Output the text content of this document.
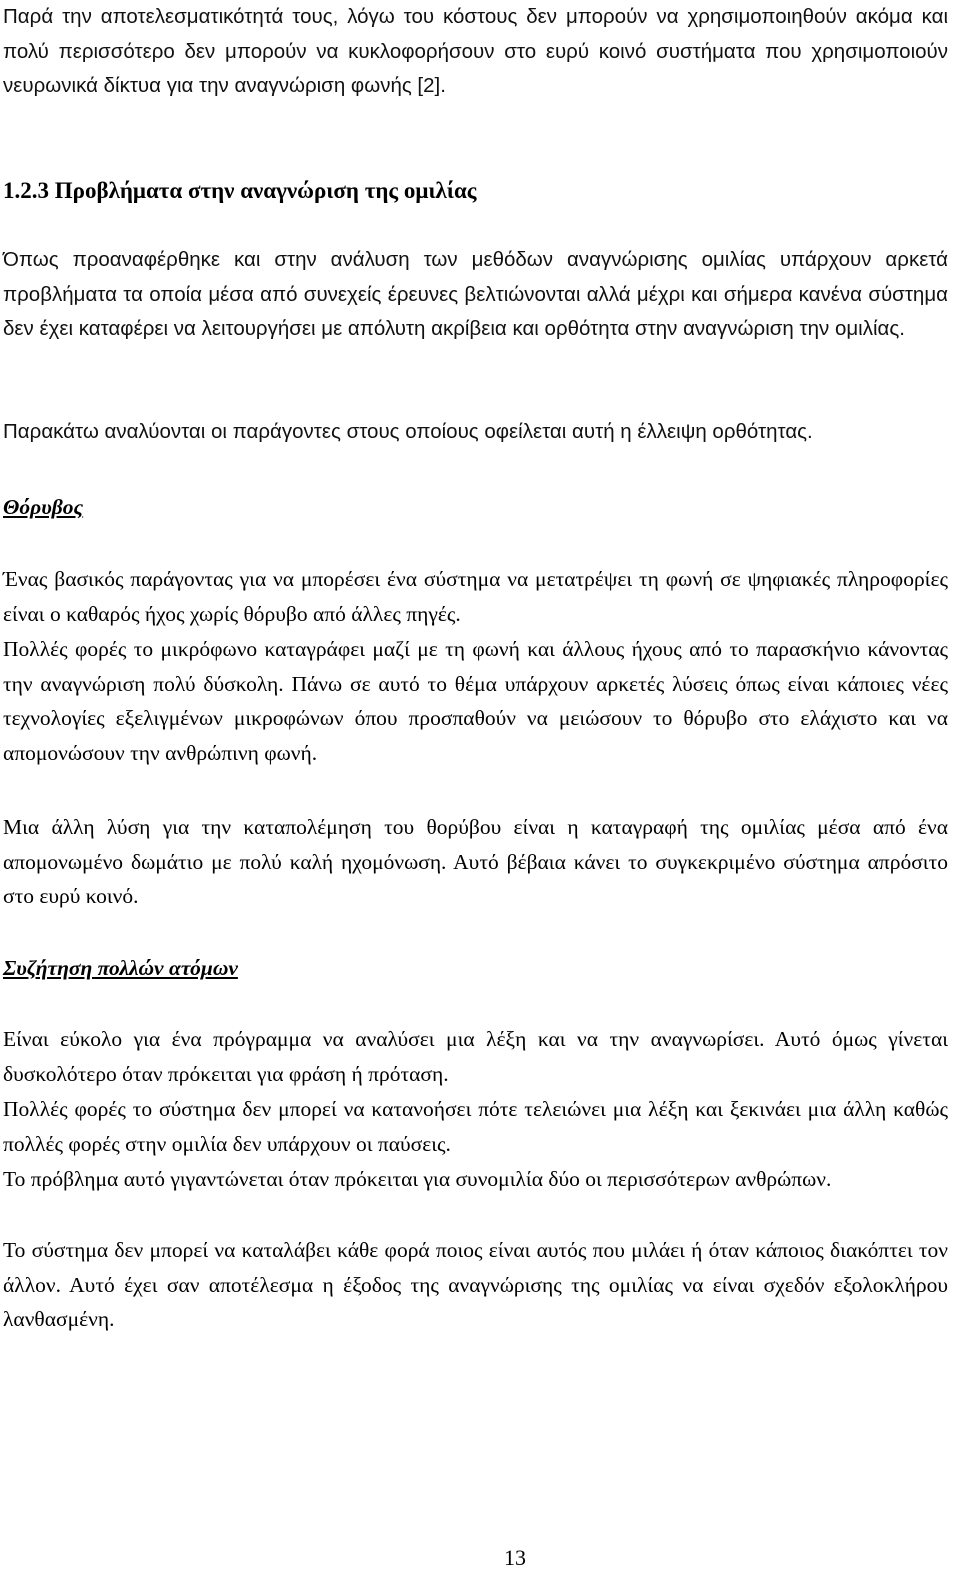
Παρά την αποτελεσματικότητά τους, λόγω του κόστους δεν μπορούν να χρησιμοποιηθούν ακόμα και πολύ περισσότερο δεν μπορούν να κυκλοφορήσουν στο ευρύ κοινό συστήματα που χρησιμοποιούν νευρωνικά δίκτυα για την αναγνώριση φωνής [2].

1.2.3 Προβλήματα στην αναγνώριση της ομιλίας

Όπως προαναφέρθηκε και στην ανάλυση των μεθόδων αναγνώρισης ομιλίας υπάρχουν αρκετά προβλήματα τα οποία μέσα από συνεχείς έρευνες βελτιώνονται αλλά μέχρι και σήμερα κανένα σύστημα δεν έχει καταφέρει να λειτουργήσει με απόλυτη ακρίβεια και ορθότητα στην αναγνώριση την ομιλίας.

Παρακάτω αναλύονται οι παράγοντες στους οποίους οφείλεται αυτή η έλλειψη ορθότητας.

Θόρυβος

Ένας βασικός παράγοντας για να μπορέσει ένα σύστημα να μετατρέψει τη φωνή σε ψηφιακές πληροφορίες είναι ο καθαρός ήχος χωρίς θόρυβο από άλλες πηγές.

Πολλές φορές το μικρόφωνο καταγράφει μαζί με τη φωνή και άλλους ήχους από το παρασκήνιο κάνοντας την αναγνώριση πολύ δύσκολη. Πάνω σε αυτό το θέμα υπάρχουν αρκετές λύσεις όπως είναι κάποιες νέες τεχνολογίες εξελιγμένων μικροφώνων όπου προσπαθούν να μειώσουν το θόρυβο στο ελάχιστο και να απομονώσουν την ανθρώπινη φωνή.

Μια άλλη λύση για την καταπολέμηση του θορύβου είναι η καταγραφή της ομιλίας μέσα από ένα απομονωμένο δωμάτιο με πολύ καλή ηχομόνωση. Αυτό βέβαια κάνει το συγκεκριμένο σύστημα απρόσιτο στο ευρύ κοινό.

Συζήτηση πολλών ατόμων

Είναι εύκολο για ένα πρόγραμμα να αναλύσει μια λέξη και να την αναγνωρίσει. Αυτό όμως γίνεται δυσκολότερο όταν πρόκειται για φράση ή πρόταση.

Πολλές φορές το σύστημα δεν μπορεί να κατανοήσει πότε τελειώνει μια λέξη και ξεκινάει μια άλλη καθώς πολλές φορές στην ομιλία δεν υπάρχουν οι παύσεις.

Το πρόβλημα αυτό γιγαντώνεται όταν πρόκειται για συνομιλία δύο οι περισσότερων ανθρώπων.

Το σύστημα δεν μπορεί να καταλάβει κάθε φορά ποιος είναι αυτός που μιλάει ή όταν κάποιος διακόπτει τον άλλον. Αυτό έχει σαν αποτέλεσμα η έξοδος της αναγνώρισης της ομιλίας να είναι σχεδόν εξολοκλήρου λανθασμένη.

13
